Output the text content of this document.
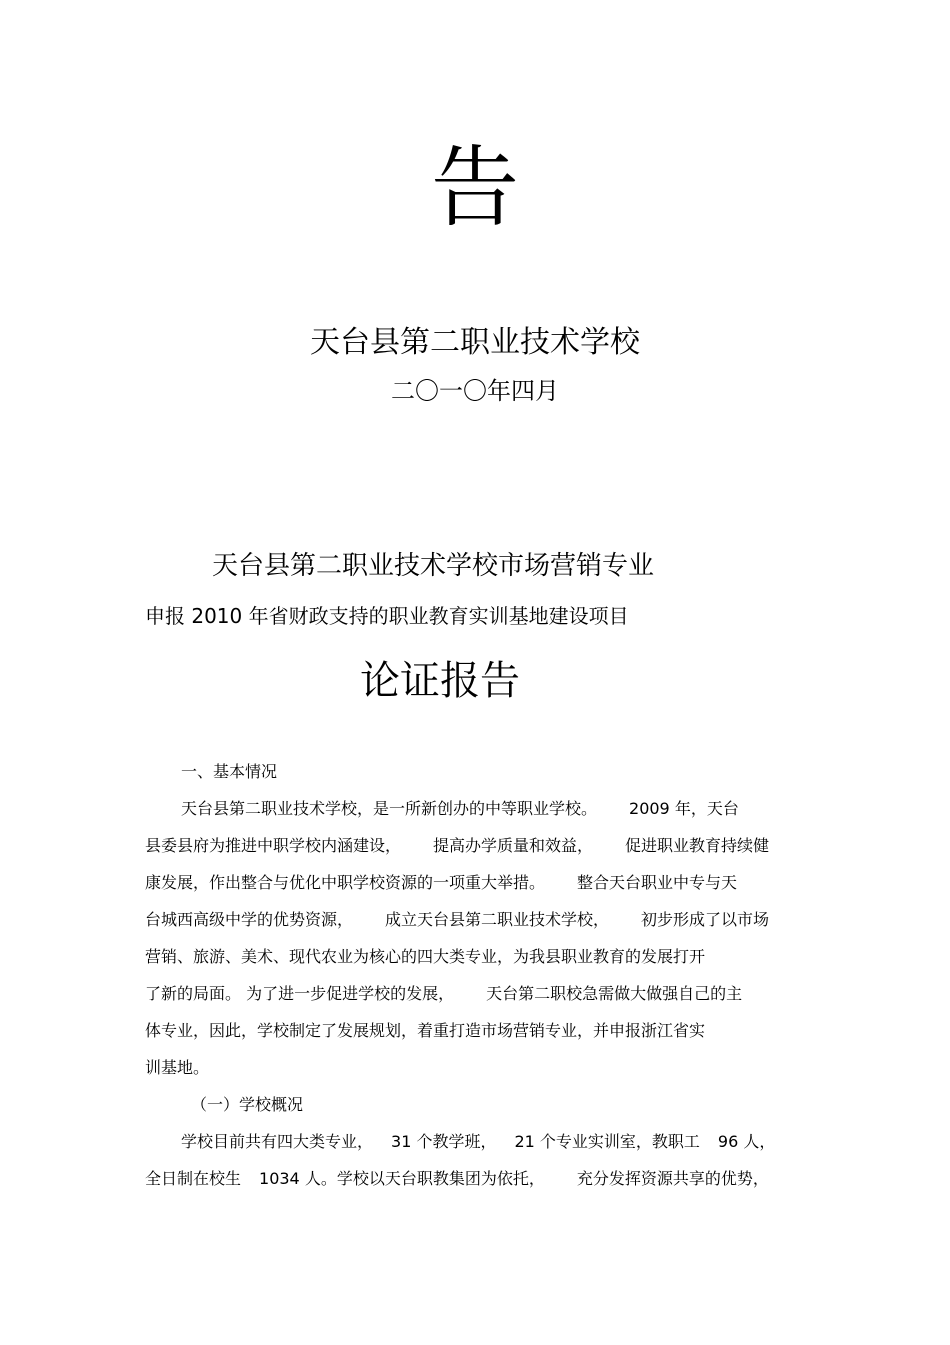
告
天台县第二职业技术学校
二〇一〇年四月
天台县第二职业技术学校市场营销专业
申报 2010 年省财政支持的职业教育实训基地建设项目
论证报告
一、基本情况
天台县第二职业技术学校，是一所新创办的中等职业学校。 2009 年，天台
县委县府为推进中职学校内涵建设， 提高办学质量和效益， 促进职业教育持续健
康发展，作出整合与优化中职学校资源的一项重大举措。 整合天台职业中专与天
台城西高级中学的优势资源， 成立天台县第二职业技术学校， 初步形成了以市场
营销、旅游、美术、现代农业为核心的四大类专业，为我县职业教育的发展打开
了新的局面。 为了进一步促进学校的发展， 天台第二职校急需做大做强自己的主
体专业，因此，学校制定了发展规划，着重打造市场营销专业，并申报浙江省实
训基地。
（一）学校概况
学校目前共有四大类专业， 31 个教学班， 21 个专业实训室，教职工 96 人，
全日制在校生 1034 人。学校以天台职教集团为依托， 充分发挥资源共享的优势，
